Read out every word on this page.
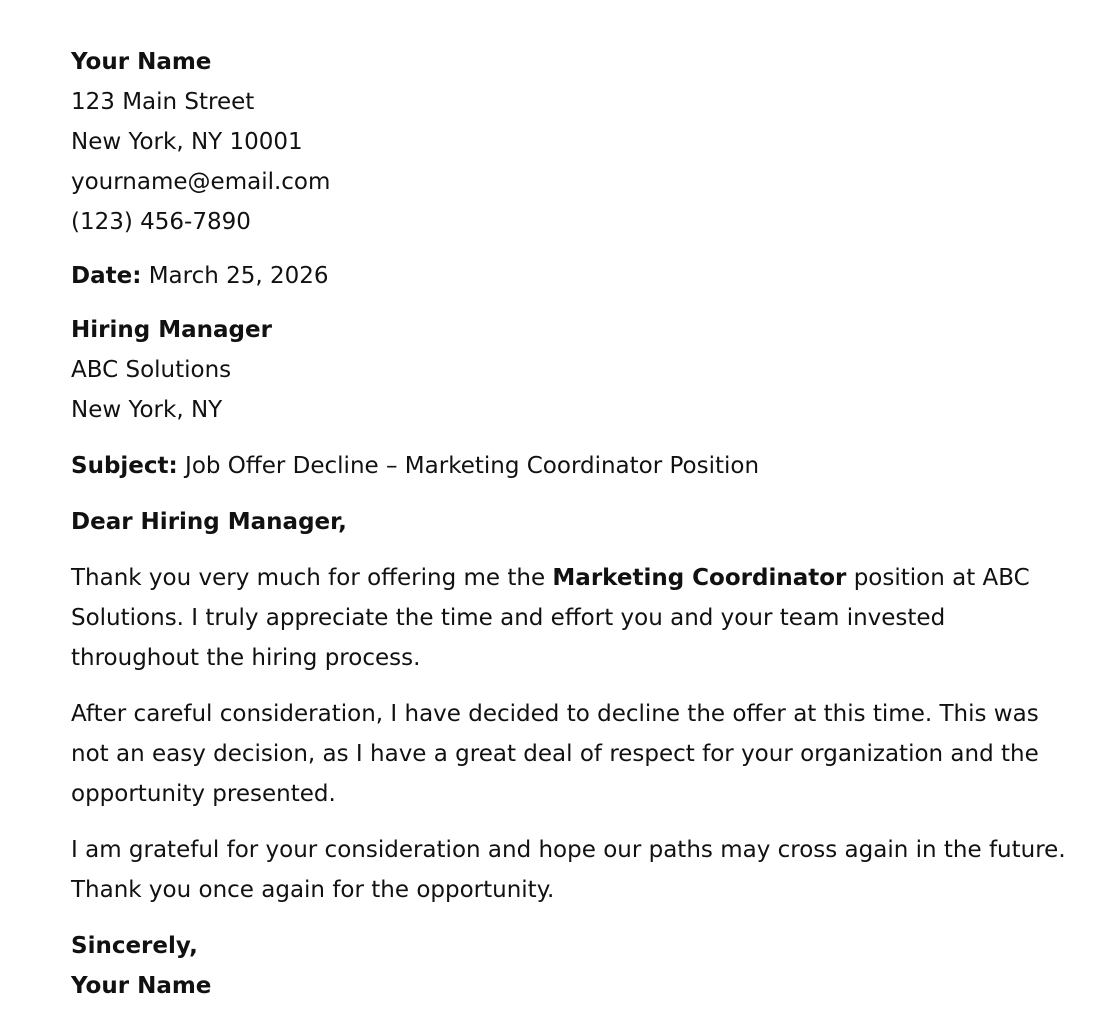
Your Name
123 Main Street
New York, NY 10001
yourname@email.com
(123) 456-7890
Date: March 25, 2026
Hiring Manager
ABC Solutions
New York, NY
Subject: Job Offer Decline – Marketing Coordinator Position
Dear Hiring Manager,
Thank you very much for offering me the Marketing Coordinator position at ABC
Solutions. I truly appreciate the time and effort you and your team invested
throughout the hiring process.
After careful consideration, I have decided to decline the offer at this time. This was
not an easy decision, as I have a great deal of respect for your organization and the
opportunity presented.
I am grateful for your consideration and hope our paths may cross again in the future.
Thank you once again for the opportunity.
Sincerely,
Your Name
